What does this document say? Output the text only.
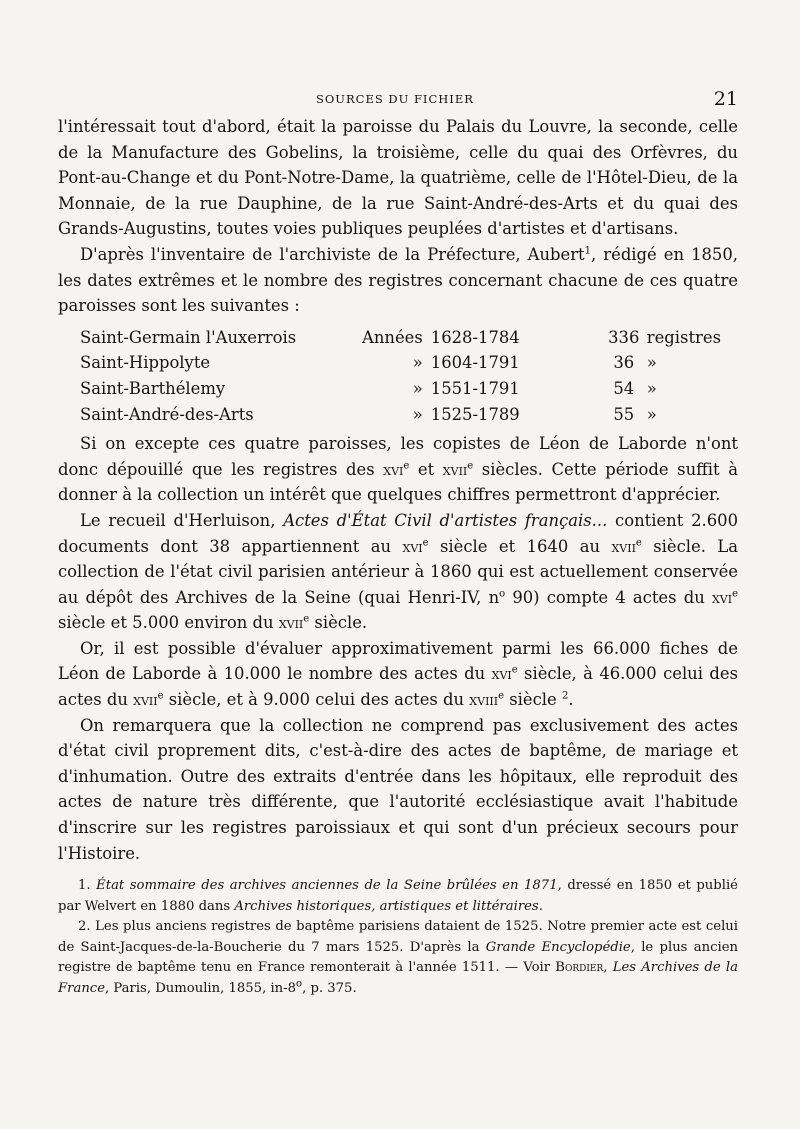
SOURCES DU FICHIER	21

l'intéressait tout d'abord, était la paroisse du Palais du Louvre, la seconde, celle de la Manufacture des Gobelins, la troisième, celle du quai des Orfèvres, du Pont-au-Change et du Pont-Notre-Dame, la quatrième, celle de l'Hôtel-Dieu, de la Monnaie, de la rue Dauphine, de la rue Saint-André-des-Arts et du quai des Grands-Augustins, toutes voies publiques peuplées d'artistes et d'artisans.

D'après l'inventaire de l'archiviste de la Préfecture, Aubert$^1$, rédigé en 1850, les dates extrêmes et le nombre des registres concernant chacune de ces quatre paroisses sont les suivantes :

Saint-Germain l'Auxerrois	Années	1628-1784	336	registres
Saint-Hippolyte	»	1604-1791	36	»
Saint-Barthélemy	»	1551-1791	54	»
Saint-André-des-Arts	»	1525-1789	55	»

Si on excepte ces quatre paroisses, les copistes de Léon de Laborde n'ont donc dépouillé que les registres des xvi$^e$ et xvii$^e$ siècles. Cette période suffit à donner à la collection un intérêt que quelques chiffres permettront d'apprécier.

Le recueil d'Herluison, Actes d'État Civil d'artistes français... contient 2.600 documents dont 38 appartiennent au xvi$^e$ siècle et 1640 au xvii$^e$ siècle. La collection de l'état civil parisien antérieur à 1860 qui est actuellement conservée au dépôt des Archives de la Seine (quai Henri-IV, $n^o$ 90) compte 4 actes du xvi$^e$ siècle et 5.000 environ du xvii$^e$ siècle.

Or, il est possible d'évaluer approximativement parmi les 66.000 fiches de Léon de Laborde à 10.000 le nombre des actes du xvi$^e$ siècle, à 46.000 celui des actes du xvii$^e$ siècle, et à 9.000 celui des actes du xviii$^e$ siècle $^2$.

On remarquera que la collection ne comprend pas exclusivement des actes d'état civil proprement dits, c'est-à-dire des actes de baptême, de mariage et d'inhumation. Outre des extraits d'entrée dans les hôpitaux, elle reproduit des actes de nature très différente, que l'autorité ecclésiastique avait l'habitude d'inscrire sur les registres paroissiaux et qui sont d'un précieux secours pour l'Histoire.

1. État sommaire des archives anciennes de la Seine brûlées en 1871, dressé en 1850 et publié par Welvert en 1880 dans Archives historiques, artistiques et littéraires.

2. Les plus anciens registres de baptême parisiens dataient de 1525. Notre premier acte est celui de Saint-Jacques-de-la-Boucherie du 7 mars 1525. D'après la Grande Encyclopédie, le plus ancien registre de baptême tenu en France remonterait à l'année 1511. — Voir Bordier, Les Archives de la France, Paris, Dumoulin, 1855, in-8$^o$, p. 375.
